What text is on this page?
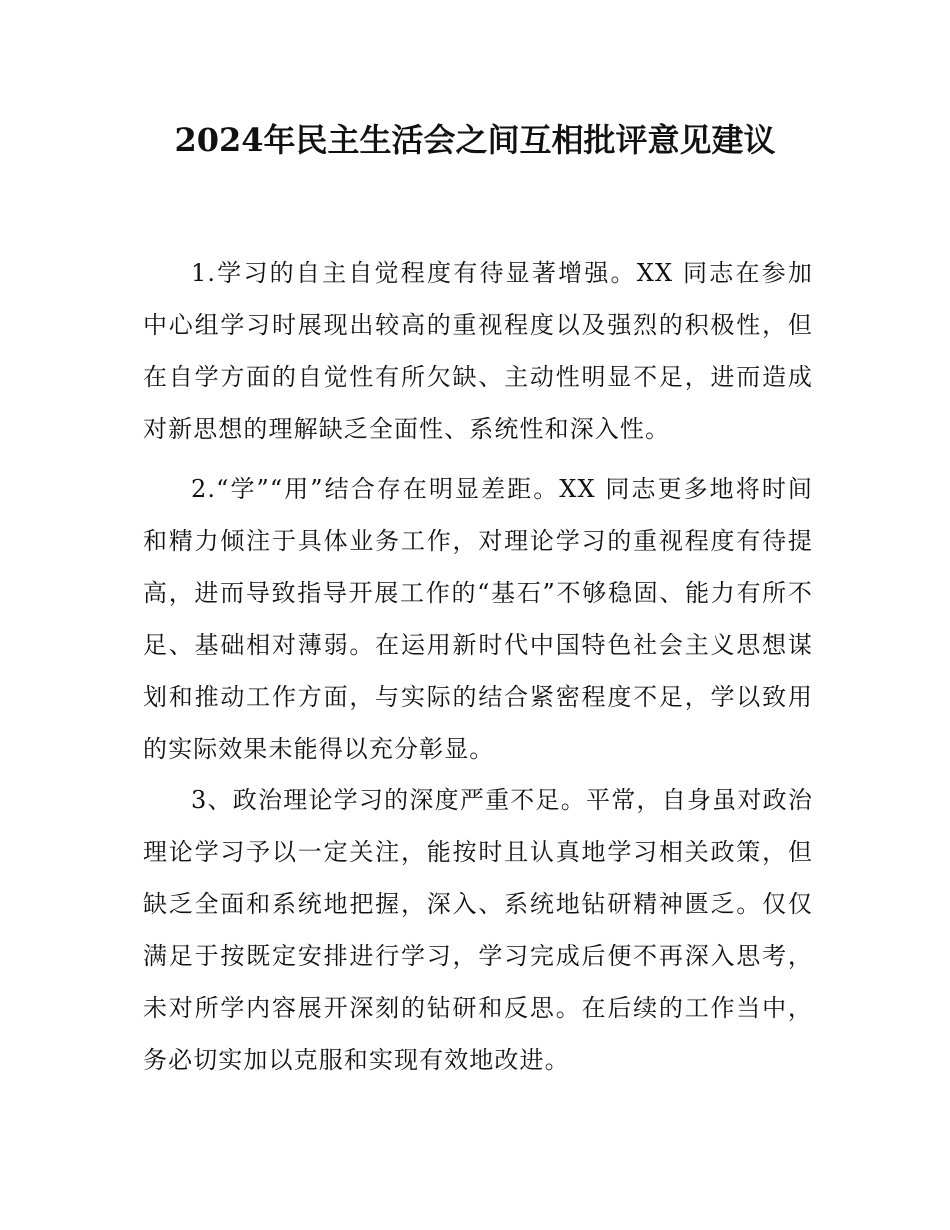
2024年民主生活会之间互相批评意见建议

1.学习的自主自觉程度有待显著增强。XX 同志在参加中心组学习时展现出较高的重视程度以及强烈的积极性，但在自学方面的自觉性有所欠缺、主动性明显不足，进而造成对新思想的理解缺乏全面性、系统性和深入性。

2.“学”“用”结合存在明显差距。XX 同志更多地将时间和精力倾注于具体业务工作，对理论学习的重视程度有待提高，进而导致指导开展工作的“基石”不够稳固、能力有所不足、基础相对薄弱。在运用新时代中国特色社会主义思想谋划和推动工作方面，与实际的结合紧密程度不足，学以致用的实际效果未能得以充分彰显。

3、政治理论学习的深度严重不足。平常，自身虽对政治理论学习予以一定关注，能按时且认真地学习相关政策，但缺乏全面和系统地把握，深入、系统地钻研精神匮乏。仅仅满足于按既定安排进行学习，学习完成后便不再深入思考，未对所学内容展开深刻的钻研和反思。在后续的工作当中，务必切实加以克服和实现有效地改进。
